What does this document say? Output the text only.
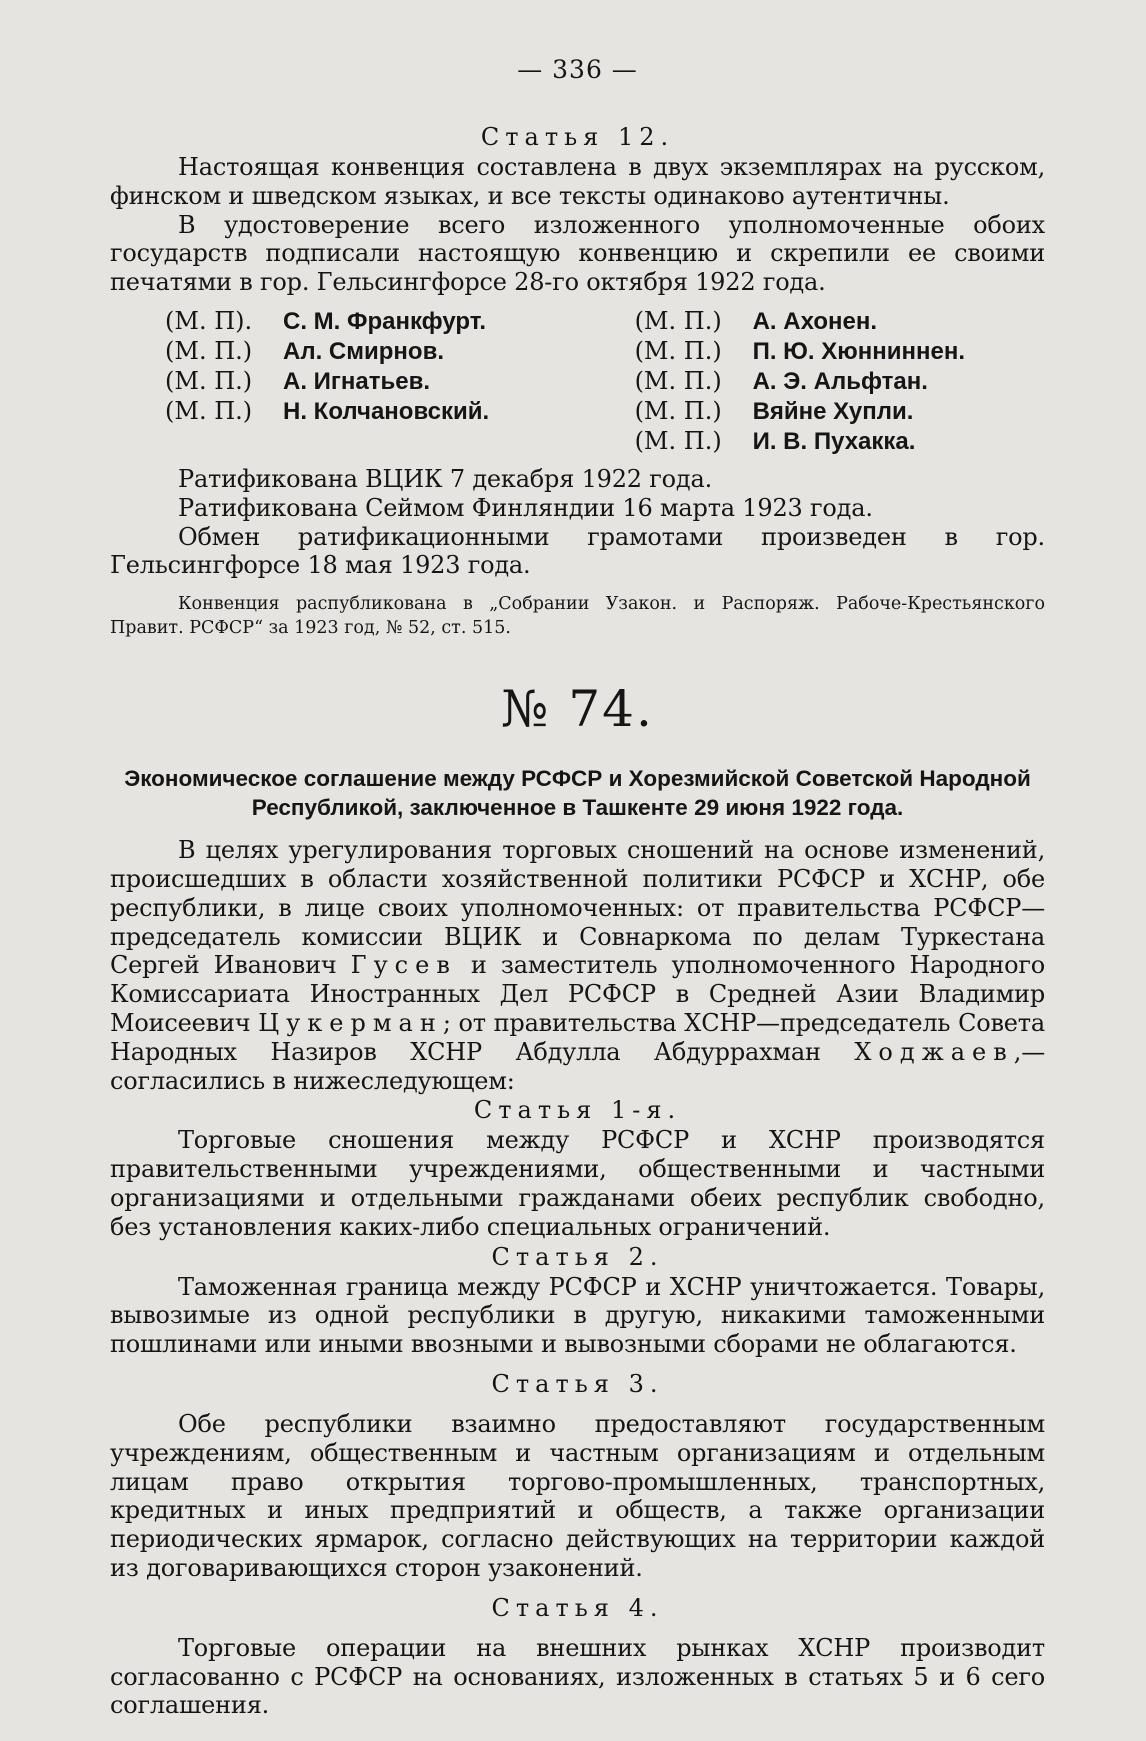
— 336 —
Статья 12.

Настоящая конвенция составлена в двух экземплярах на русском, финском и шведском языках, и все тексты одинаково аутентичны.

В удостоверение всего изложенного уполномоченные обоих государств подписали настоящую конвенцию и скрепили ее своими печатями в гор. Гельсингфорсе 28-го октября 1922 года.

(М. П).	С. М. Франкфурт.
(М. П.)	Ал. Смирнов.
(М. П.)	А. Игнатьев.
(М. П.)	Н. Колчановский.
(М. П.)	А. Ахонен.
(М. П.)	П. Ю. Хюнниннен.
(М. П.)	А. Э. Альфтан.
(М. П.)	Вяйне Хупли.
(М. П.)	И. В. Пухакка.

Ратификована ВЦИК 7 декабря 1922 года.

Ратификована Сеймом Финляндии 16 марта 1923 года.

Обмен ратификационными грамотами произведен в гор. Гельсингфорсе 18 мая 1923 года.

Конвенция распубликована в „Собрании Узакон. и Распоряж. Рабоче-Крестьянского Правит. РСФСР“ за 1923 год, № 52, ст. 515.

№ 74.
Экономическое соглашение между РСФСР и Хорезмийской Советской Народной Республикой, заключенное в Ташкенте 29 июня 1922 года.

В целях урегулирования торговых сношений на основе изменений, происшедших в области хозяйственной политики РСФСР и ХСНР, обе республики, в лице своих уполномоченных: от правительства РСФСР—председатель комиссии ВЦИК и Совнаркома по делам Туркестана Сергей Иванович Гусев и заместитель уполномоченного Народного Комиссариата Иностранных Дел РСФСР в Средней Азии Владимир Моисеевич Цукерман; от правительства ХСНР—председатель Совета Народных Назиров ХСНР Абдулла Абдуррахман Ходжаев,—согласились в нижеследующем:

Статья 1-я.

Торговые сношения между РСФСР и ХСНР производятся правительственными учреждениями, общественными и частными организациями и отдельными гражданами обеих республик свободно, без установления каких-либо специальных ограничений.

Статья 2.

Таможенная граница между РСФСР и ХСНР уничтожается. Товары, вывозимые из одной республики в другую, никакими таможенными пошлинами или иными ввозными и вывозными сборами не облагаются.

Статья 3.

Обе республики взаимно предоставляют государственным учреждениям, общественным и частным организациям и отдельным лицам право открытия торгово-промышленных, транспортных, кредитных и иных предприятий и обществ, а также организации периодических ярмарок, согласно действующих на территории каждой из договаривающихся сторон узаконений.

Статья 4.

Торговые операции на внешних рынках ХСНР производит согласованно с РСФСР на основаниях, изложенных в статьях 5 и 6 сего соглашения.
